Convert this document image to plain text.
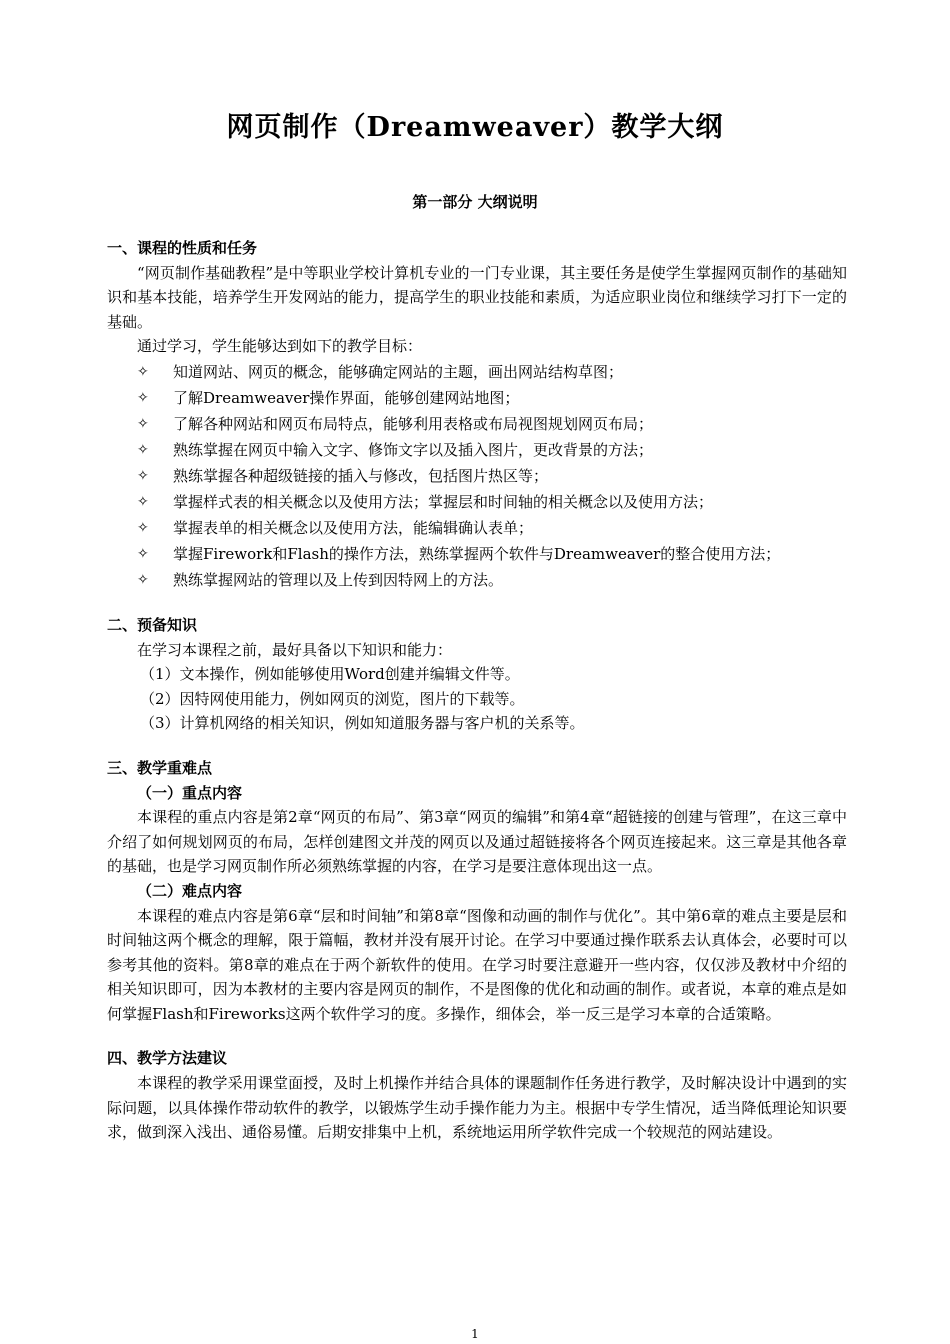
网页制作（Dreamweaver）教学大纲
第一部分 大纲说明

一、课程的性质和任务

“网页制作基础教程”是中等职业学校计算机专业的一门专业课，其主要任务是使学生掌握网页制作的基础知识和基本技能，培养学生开发网站的能力，提高学生的职业技能和素质，为适应职业岗位和继续学习打下一定的基础。

通过学习，学生能够达到如下的教学目标：

✧ 知道网站、网页的概念，能够确定网站的主题，画出网站结构草图；
✧ 了解Dreamweaver操作界面，能够创建网站地图；
✧ 了解各种网站和网页布局特点，能够利用表格或布局视图规划网页布局；
✧ 熟练掌握在网页中输入文字、修饰文字以及插入图片，更改背景的方法；
✧ 熟练掌握各种超级链接的插入与修改，包括图片热区等；
✧ 掌握样式表的相关概念以及使用方法；掌握层和时间轴的相关概念以及使用方法；
✧ 掌握表单的相关概念以及使用方法，能编辑确认表单；
✧ 掌握Firework和Flash的操作方法，熟练掌握两个软件与Dreamweaver的整合使用方法；
✧ 熟练掌握网站的管理以及上传到因特网上的方法。

二、预备知识

在学习本课程之前，最好具备以下知识和能力：

（1）文本操作，例如能够使用Word创建并编辑文件等。

（2）因特网使用能力，例如网页的浏览，图片的下载等。

（3）计算机网络的相关知识，例如知道服务器与客户机的关系等。

三、教学重难点

（一）重点内容

本课程的重点内容是第2章“网页的布局”、第3章“网页的编辑”和第4章“超链接的创建与管理”，在这三章中介绍了如何规划网页的布局，怎样创建图文并茂的网页以及通过超链接将各个网页连接起来。这三章是其他各章的基础，也是学习网页制作所必须熟练掌握的内容，在学习是要注意体现出这一点。

（二）难点内容

本课程的难点内容是第6章“层和时间轴”和第8章“图像和动画的制作与优化”。其中第6章的难点主要是层和时间轴这两个概念的理解，限于篇幅，教材并没有展开讨论。在学习中要通过操作联系去认真体会，必要时可以参考其他的资料。第8章的难点在于两个新软件的使用。在学习时要注意避开一些内容，仅仅涉及教材中介绍的相关知识即可，因为本教材的主要内容是网页的制作，不是图像的优化和动画的制作。或者说，本章的难点是如何掌握Flash和Fireworks这两个软件学习的度。多操作，细体会，举一反三是学习本章的合适策略。

四、教学方法建议

本课程的教学采用课堂面授，及时上机操作并结合具体的课题制作任务进行教学，及时解决设计中遇到的实际问题，以具体操作带动软件的教学，以锻炼学生动手操作能力为主。根据中专学生情况，适当降低理论知识要求，做到深入浅出、通俗易懂。后期安排集中上机，系统地运用所学软件完成一个较规范的网站建设。

1
